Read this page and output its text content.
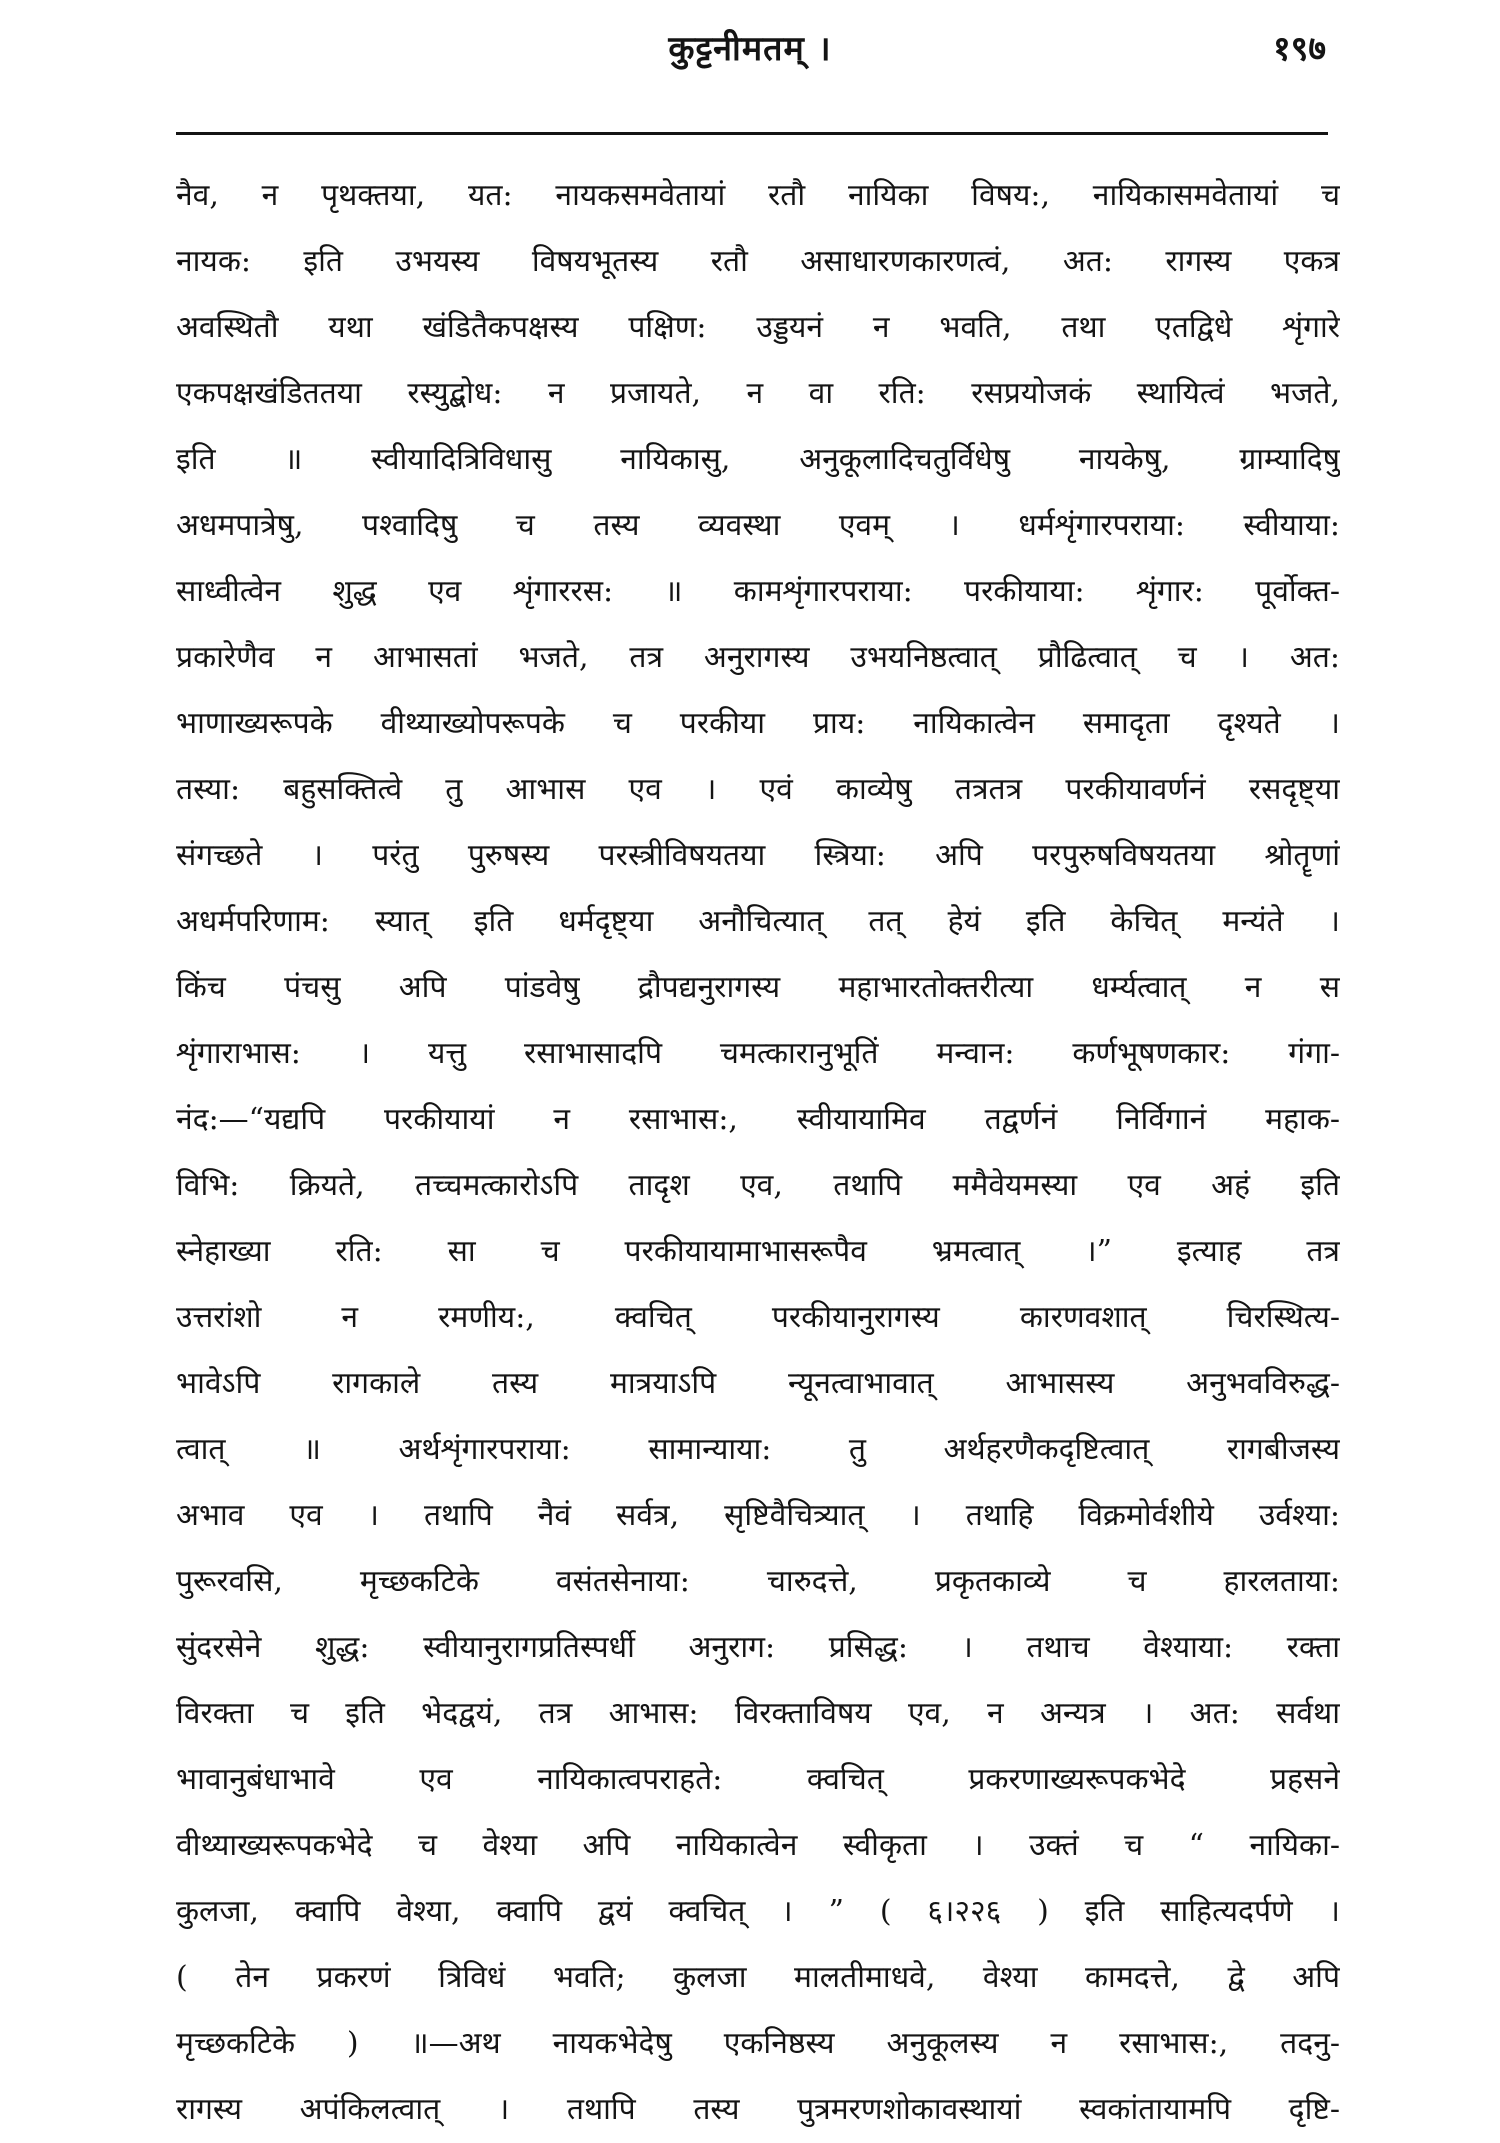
कुट्टनीमतम् ।	१९७
नैव, न पृथक्तया, यत: नायकसमवेतायां रतौ नायिका विषय:, नायिकासमवेतायां च
नायक: इति उभयस्य विषयभूतस्य रतौ असाधारणकारणत्वं, अत: रागस्य एकत्र
अवस्थितौ यथा खंडितैकपक्षस्य पक्षिण: उड्डयनं न भवति, तथा एतद्विधे शृंगारे
एकपक्षखंडिततया रस्युद्बोध: न प्रजायते, न वा रति: रसप्रयोजकं स्थायित्वं भजते,
इति ॥ स्वीयादित्रिविधासु नायिकासु, अनुकूलादिचतुर्विधेषु नायकेषु, ग्राम्यादिषु
अधमपात्रेषु, पश्वादिषु च तस्य व्यवस्था एवम् । धर्मशृंगारपराया: स्वीयाया:
साध्वीत्वेन शुद्ध एव शृंगाररस: ॥ कामशृंगारपराया: परकीयाया: शृंगार: पूर्वोक्त-
प्रकारेणैव न आभासतां भजते, तत्र अनुरागस्य उभयनिष्ठत्वात् प्रौढित्वात् च । अत:
भाणाख्यरूपके वीथ्याख्योपरूपके च परकीया प्राय: नायिकात्वेन समादृता दृश्यते ।
तस्या: बहुसक्तित्वे तु आभास एव । एवं काव्येषु तत्रतत्र परकीयावर्णनं रसदृष्ट्या
संगच्छते । परंतु पुरुषस्य परस्त्रीविषयतया स्त्रिया: अपि परपुरुषविषयतया श्रोतॄणां
अधर्मपरिणाम: स्यात् इति धर्मदृष्ट्या अनौचित्यात् तत् हेयं इति केचित् मन्यंते ।
किंच पंचसु अपि पांडवेषु द्रौपद्यनुरागस्य महाभारतोक्तरीत्या धर्म्यत्वात् न स
शृंगाराभास: । यत्तु रसाभासादपि चमत्कारानुभूतिं मन्वान: कर्णभूषणकार: गंगा-
नंद:—“यद्यपि परकीयायां न रसाभास:, स्वीयायामिव तद्वर्णनं निर्विगानं महाक-
विभि: क्रियते, तच्चमत्कारोऽपि तादृश एव, तथापि ममैवेयमस्या एव अहं इति
स्नेहाख्या रति: सा च परकीयायामाभासरूपैव भ्रमत्वात् ।” इत्याह तत्र
उत्तरांशो न रमणीय:, क्वचित् परकीयानुरागस्य कारणवशात् चिरस्थित्य-
भावेऽपि रागकाले तस्य मात्रयाऽपि न्यूनत्वाभावात् आभासस्य अनुभवविरुद्ध-
त्वात् ॥ अर्थशृंगारपराया: सामान्याया: तु अर्थहरणैकदृष्टित्वात् रागबीजस्य
अभाव एव । तथापि नैवं सर्वत्र, सृष्टिवैचित्र्यात् । तथाहि विक्रमोर्वशीये उर्वश्या:
पुरूरवसि, मृच्छकटिके वसंतसेनाया: चारुदत्ते, प्रकृतकाव्ये च हारलताया:
सुंदरसेने शुद्ध: स्वीयानुरागप्रतिस्पर्धी अनुराग: प्रसिद्ध: । तथाच वेश्याया: रक्ता
विरक्ता च इति भेदद्वयं, तत्र आभास: विरक्ताविषय एव, न अन्यत्र । अत: सर्वथा
भावानुबंधाभावे एव नायिकात्वपराहते: क्वचित् प्रकरणाख्यरूपकभेदे प्रहसने
वीथ्याख्यरूपकभेदे च वेश्या अपि नायिकात्वेन स्वीकृता । उक्तं च “ नायिका-
कुलजा, क्वापि वेश्या, क्वापि द्वयं क्वचित् । ” ( ६।२२६ ) इति साहित्यदर्पणे ।
( तेन प्रकरणं त्रिविधं भवति; कुलजा मालतीमाधवे, वेश्या कामदत्ते, द्वे अपि
मृच्छकटिके ) ॥—अथ नायकभेदेषु एकनिष्ठस्य अनुकूलस्य न रसाभास:, तदनु-
रागस्य अपंकिलत्वात् । तथापि तस्य पुत्रमरणशोकावस्थायां स्वकांतायामपि दृष्टि-
